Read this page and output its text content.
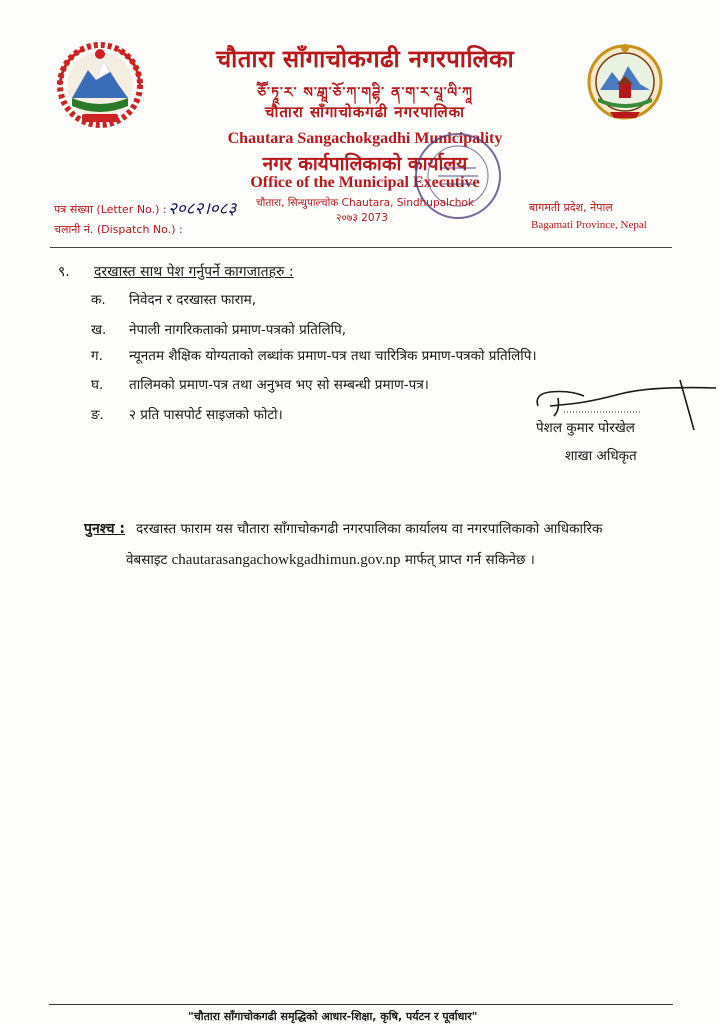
चौतारा साँगाचोकगढी नगरपालिका
ཅཽ་ཏཱ་ར་ ས་ཱགཱ་ཅོ་ཀ་གཌྷི་ ན་ག་ར་པཱ་ལི་ཀཱ
चौतारा साँगाचोकगढी नगरपालिका
Chautara Sangachokgadhi Municipality
नगर कार्यपालिकाको कार्यालय
Office of the Municipal Executive
पत्र संख्या (Letter No.) : २०८२।०८३
चलानी नं. (Dispatch No.) :
चौतारा, सिन्धुपाल्चोक Chautara, Sindhupalchok
२०७३ 2073
बागमती प्रदेश, नेपाल
Bagamati Province, Nepal
९. दरखास्त साथ पेश गर्नुपर्ने कागजातहरु :
क. निवेदन र दरखास्त फाराम,
ख. नेपाली नागरिकताको प्रमाण-पत्रको प्रतिलिपि,
ग. न्यूनतम शैक्षिक योग्यताको लब्धांक प्रमाण-पत्र तथा चारित्रिक प्रमाण-पत्रको प्रतिलिपि।
घ. तालिमको प्रमाण-पत्र तथा अनुभव भए सो सम्बन्धी प्रमाण-पत्र।
ङ. २ प्रति पासपोर्ट साइजको फोटो।
पेशल कुमार पोरखेल
शाखा अधिकृत
पुनश्च : दरखास्त फाराम यस चौतारा साँगाचोकगढी नगरपालिका कार्यालय वा नगरपालिकाको आधिकारिक
वेबसाइट chautarasangachowkgadhimun.gov.np मार्फत् प्राप्त गर्न सकिनेछ ।
"चौतारा साँगाचोकगढी समृद्धिको आधार-शिक्षा, कृषि, पर्यटन र पूर्वाधार"
